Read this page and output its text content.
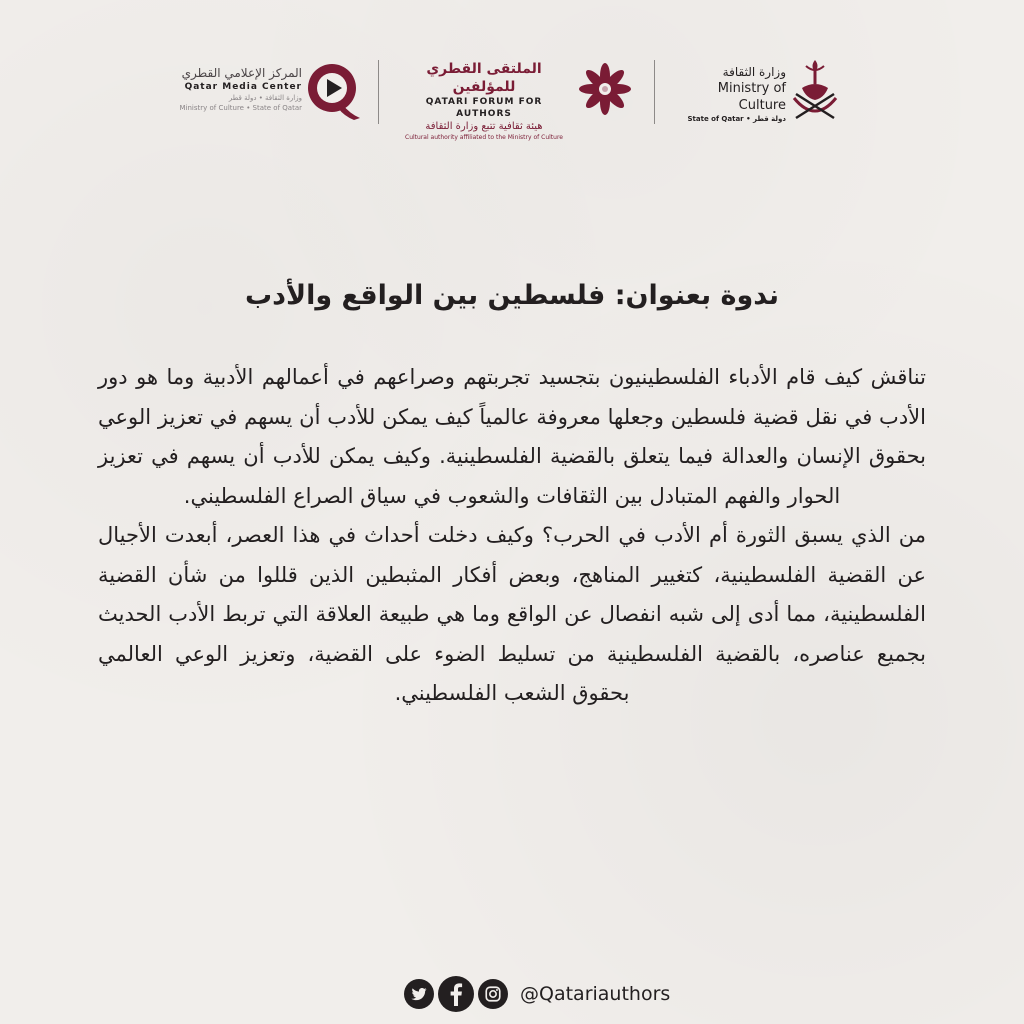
المركز الإعلامي القطري
Qatar Media Center
وزارة الثقافة • دولة قطر
Ministry of Culture • State of Qatar
الملتقى القطري للمؤلفين
QATARI FORUM FOR AUTHORS
هيئة ثقافية تتبع وزارة الثقافة
Cultural authority affiliated to the Ministry of Culture
وزارة الثقافة
Ministry of Culture
State of Qatar • دولة قطر
ندوة بعنوان: فلسطين بين الواقع والأدب

تناقش كيف قام الأدباء الفلسطينيون بتجسيد تجربتهم وصراعهم في أعمالهم الأدبية وما هو دور الأدب في نقل قضية فلسطين وجعلها معروفة عالمياً كيف يمكن للأدب أن يسهم في تعزيز الوعي بحقوق الإنسان والعدالة فيما يتعلق بالقضية الفلسطينية. وكيف يمكن للأدب أن يسهم في تعزيز الحوار والفهم المتبادل بين الثقافات والشعوب في سياق الصراع الفلسطيني.

من الذي يسبق الثورة أم الأدب في الحرب؟ وكيف دخلت أحداث في هذا العصر، أبعدت الأجيال عن القضية الفلسطينية، كتغيير المناهج، وبعض أفكار المثبطين الذين قللوا من شأن القضية الفلسطينية، مما أدى إلى شبه انفصال عن الواقع وما هي طبيعة العلاقة التي تربط الأدب الحديث بجميع عناصره، بالقضية الفلسطينية من تسليط الضوء على القضية، وتعزيز الوعي العالمي بحقوق الشعب الفلسطيني.

@Qatariauthors
